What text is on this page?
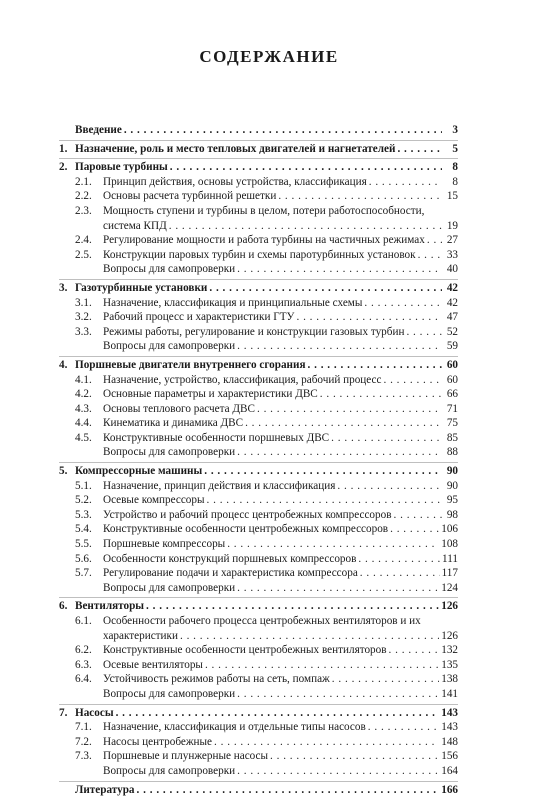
СОДЕРЖАНИЕ
Введение . . .	3
1. Назначение, роль и место тепловых двигателей и нагнетателей . . .	5
2. Паровые турбины . . .	8
2.1.	Принцип действия, основы устройства, классификация . . .	8
2.2.	Основы расчета турбинной решетки . . .	15
2.3.	Мощность ступени и турбины в целом, потери работоспособности,
система КПД . . .	19
2.4.	Регулирование мощности и работа турбины на частичных режимах . . . 27
2.5.	Конструкции паровых турбин и схемы паротурбинных установок . . .	33
Вопросы для самопроверки . . .	40
3. Газотурбинные установки . . .	42
3.1.	Назначение, классификация и принципиальные схемы . . .	42
3.2.	Рабочий процесс и характеристики ГТУ . . .	47
3.3.	Режимы работы, регулирование и конструкции газовых турбин . . .	52
Вопросы для самопроверки . . .	59
4. Поршневые двигатели внутреннего сгорания . . .	60
4.1.	Назначение, устройство, классификация, рабочий процесс . . .	60
4.2.	Основные параметры и характеристики ДВС . . .	66
4.3.	Основы теплового расчета ДВС . . .	71
4.4.	Кинематика и динамика ДВС . . .	75
4.5.	Конструктивные особенности поршневых ДВС . . .	85
Вопросы для самопроверки . . .	88
5. Компрессорные машины . . .	90
5.1.	Назначение, принцип действия и классификация . . .	90
5.2.	Осевые компрессоры . . .	95
5.3.	Устройство и рабочий процесс центробежных компрессоров . . .	98
5.4.	Конструктивные особенности центробежных компрессоров . . .	106
5.5.	Поршневые компрессоры . . .	108
5.6.	Особенности конструкций поршневых компрессоров . . .	111
5.7.	Регулирование подачи и характеристика компрессора . . .	117
Вопросы для самопроверки . . .	124
6. Вентиляторы . . .	126
6.1.	Особенности рабочего процесса центробежных вентиляторов и их
характеристики . . .	126
6.2.	Конструктивные особенности центробежных вентиляторов . . .	132
6.3.	Осевые вентиляторы . . .	135
6.4.	Устойчивость режимов работы на сеть, помпаж . . .	138
Вопросы для самопроверки . . .	141
7. Насосы . . .	143
7.1.	Назначение, классификация и отдельные типы насосов . . .	143
7.2.	Насосы центробежные . . .	148
7.3.	Поршневые и плунжерные насосы . . .	156
Вопросы для самопроверки . . .	164
Литература . . .	166
